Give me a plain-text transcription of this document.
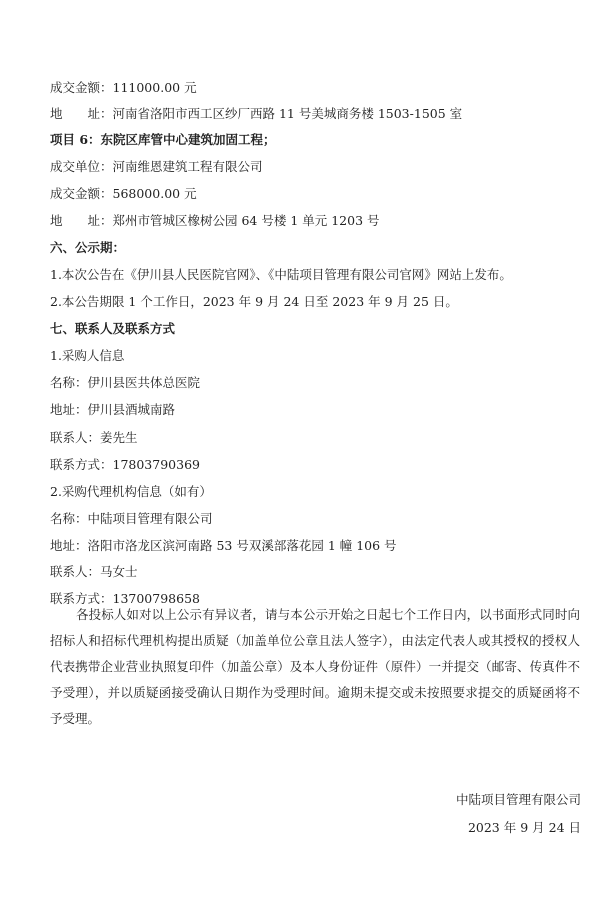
成交金额：111000.00 元
地　　址：河南省洛阳市西工区纱厂西路 11 号美城商务楼 1503-1505 室
项目 6：东院区库管中心建筑加固工程；
成交单位：河南维恩建筑工程有限公司
成交金额：568000.00 元
地　　址：郑州市管城区橡树公园 64 号楼 1 单元 1203 号
六、公示期：
1.本次公告在《伊川县人民医院官网》、《中陆项目管理有限公司官网》网站上发布。
2.本公告期限 1 个工作日，2023 年 9 月 24 日至 2023 年 9 月 25 日。
七、联系人及联系方式
1.采购人信息
名称：伊川县医共体总医院
地址：伊川县酒城南路
联系人：姜先生
联系方式：17803790369
2.采购代理机构信息（如有）
名称：中陆项目管理有限公司
地址：洛阳市洛龙区滨河南路 53 号双溪部落花园 1 幢 106 号
联系人：马女士
联系方式：13700798658
各投标人如对以上公示有异议者，请与本公示开始之日起七个工作日内，以书面形式同时向招标人和招标代理机构提出质疑（加盖单位公章且法人签字），由法定代表人或其授权的授权人代表携带企业营业执照复印件（加盖公章）及本人身份证件（原件）一并提交（邮寄、传真件不予受理），并以质疑函接受确认日期作为受理时间。逾期未提交或未按照要求提交的质疑函将不予受理。
中陆项目管理有限公司
2023 年 9 月 24 日
